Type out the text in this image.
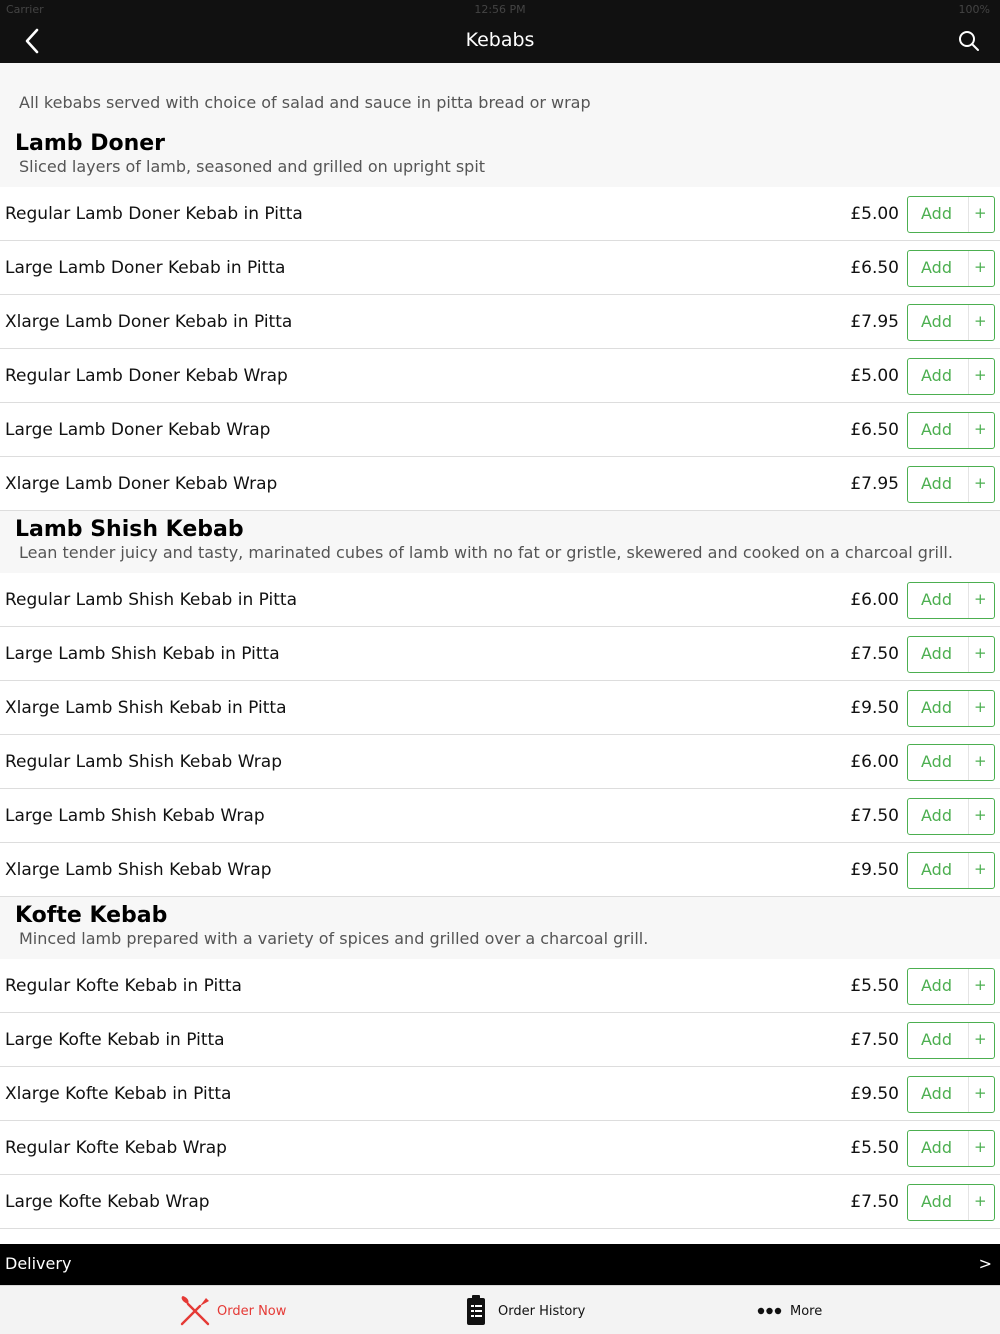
Carrier	12:56 PM	100%
Kebabs
All kebabs served with choice of salad and sauce in pitta bread or wrap
Lamb Doner
Sliced layers of lamb, seasoned and grilled on upright spit
Regular Lamb Doner Kebab in Pitta	£5.00 Add +
Large Lamb Doner Kebab in Pitta	£6.50 Add +
Xlarge Lamb Doner Kebab in Pitta	£7.95 Add +
Regular Lamb Doner Kebab Wrap	£5.00 Add +
Large Lamb Doner Kebab Wrap	£6.50 Add +
Xlarge Lamb Doner Kebab Wrap	£7.95 Add +
Lamb Shish Kebab
Lean tender juicy and tasty, marinated cubes of lamb with no fat or gristle, skewered and cooked on a charcoal grill.
Regular Lamb Shish Kebab in Pitta	£6.00 Add +
Large Lamb Shish Kebab in Pitta	£7.50 Add +
Xlarge Lamb Shish Kebab in Pitta	£9.50 Add +
Regular Lamb Shish Kebab Wrap	£6.00 Add +
Large Lamb Shish Kebab Wrap	£7.50 Add +
Xlarge Lamb Shish Kebab Wrap	£9.50 Add +
Kofte Kebab
Minced lamb prepared with a variety of spices and grilled over a charcoal grill.
Regular Kofte Kebab in Pitta	£5.50 Add +
Large Kofte Kebab in Pitta	£7.50 Add +
Xlarge Kofte Kebab in Pitta	£9.50 Add +
Regular Kofte Kebab Wrap	£5.50 Add +
Large Kofte Kebab Wrap	£7.50 Add +
Delivery	>
Order Now	Order History	More
